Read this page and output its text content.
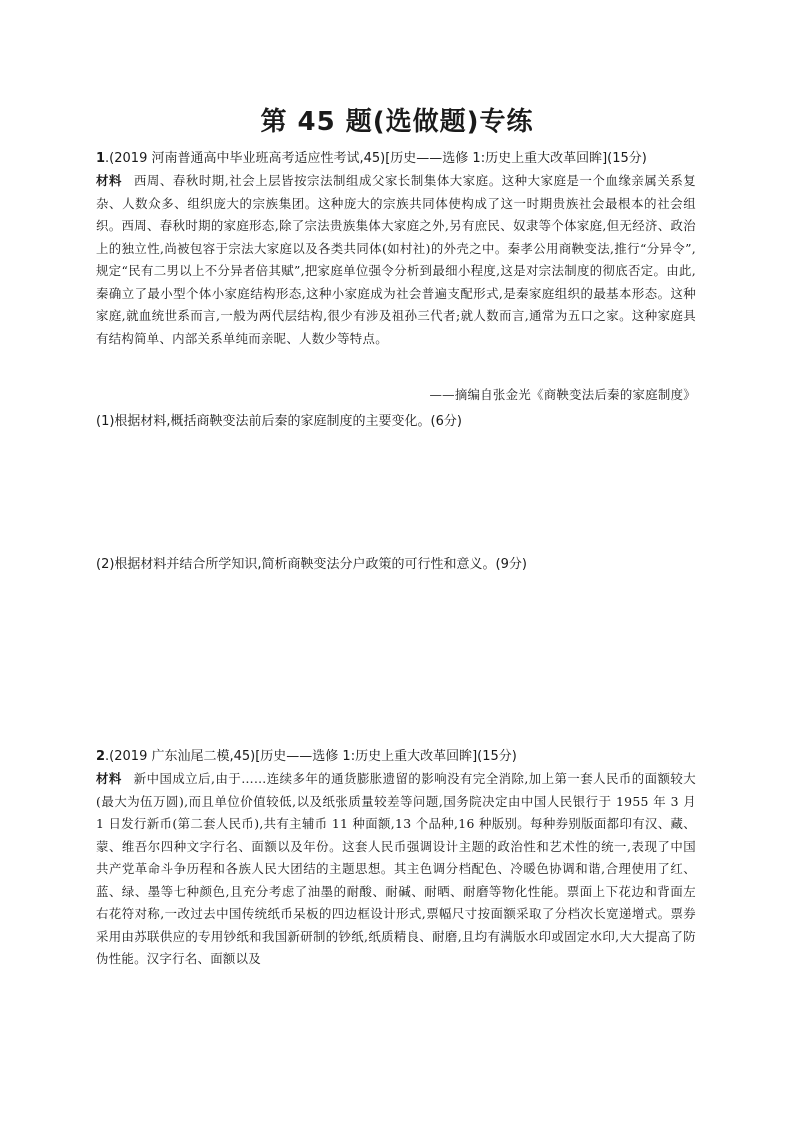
第 45 题(选做题)专练
1.(2019 河南普通高中毕业班高考适应性考试,45)[历史——选修 1:历史上重大改革回眸](15分)
材料 西周、春秋时期,社会上层皆按宗法制组成父家长制集体大家庭。这种大家庭是一个血缘亲属关系复杂、人数众多、组织庞大的宗族集团。这种庞大的宗族共同体使构成了这一时期贵族社会最根本的社会组织。西周、春秋时期的家庭形态,除了宗法贵族集体大家庭之外,另有庶民、奴隶等个体家庭,但无经济、政治上的独立性,尚被包容于宗法大家庭以及各类共同体(如村社)的外壳之中。秦孝公用商鞅变法,推行“分异令”,规定“民有二男以上不分异者倍其赋”,把家庭单位强令分析到最细小程度,这是对宗法制度的彻底否定。由此,秦确立了最小型个体小家庭结构形态,这种小家庭成为社会普遍支配形式,是秦家庭组织的最基本形态。这种家庭,就血统世系而言,一般为两代层结构,很少有涉及祖孙三代者;就人数而言,通常为五口之家。这种家庭具有结构简单、内部关系单纯而亲昵、人数少等特点。
——摘编自张金光《商鞅变法后秦的家庭制度》
(1)根据材料,概括商鞅变法前后秦的家庭制度的主要变化。(6分)
(2)根据材料并结合所学知识,简析商鞅变法分户政策的可行性和意义。(9分)
2.(2019 广东汕尾二模,45)[历史——选修 1:历史上重大改革回眸](15分)
材料 新中国成立后,由于……连续多年的通货膨胀遗留的影响没有完全消除,加上第一套人民币的面额较大(最大为伍万圆),而且单位价值较低,以及纸张质量较差等问题,国务院决定由中国人民银行于 1955 年 3 月 1 日发行新币(第二套人民币),共有主辅币 11 种面额,13 个品种,16 种版别。每种券别版面都印有汉、藏、蒙、维吾尔四种文字行名、面额以及年份。这套人民币强调设计主题的政治性和艺术性的统一,表现了中国共产党革命斗争历程和各族人民大团结的主题思想。其主色调分档配色、冷暖色协调和谐,合理使用了红、蓝、绿、墨等七种颜色,且充分考虑了油墨的耐酸、耐碱、耐晒、耐磨等物化性能。票面上下花边和背面左右花符对称,一改过去中国传统纸币呆板的四边框设计形式,票幅尺寸按面额采取了分档次长宽递增式。票券采用由苏联供应的专用钞纸和我国新研制的钞纸,纸质精良、耐磨,且均有满版水印或固定水印,大大提高了防伪性能。汉字行名、面额以及
